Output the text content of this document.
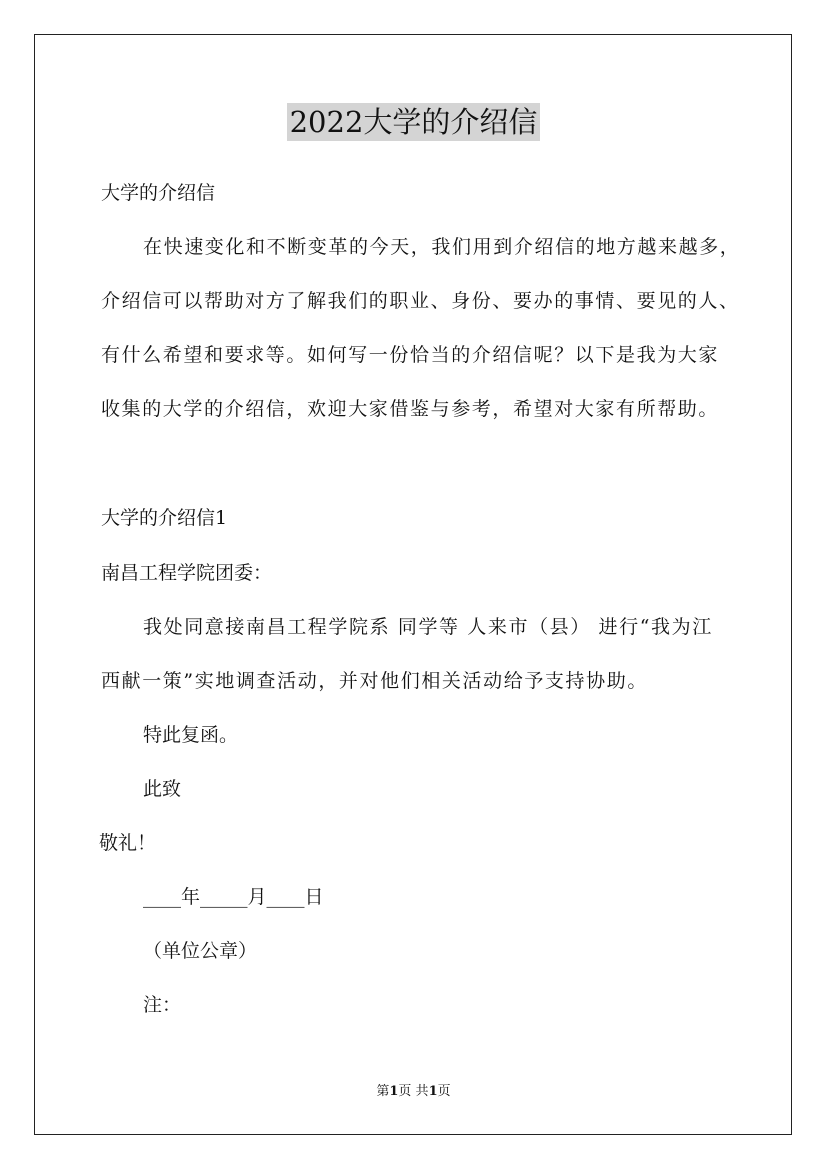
2022大学的介绍信
大学的介绍信
在快速变化和不断变革的今天，我们用到介绍信的地方越来越多，
介绍信可以帮助对方了解我们的职业、身份、要办的事情、要见的人、
有什么希望和要求等。如何写一份恰当的介绍信呢？以下是我为大家
收集的大学的介绍信，欢迎大家借鉴与参考，希望对大家有所帮助。
大学的介绍信1
南昌工程学院团委：
我处同意接南昌工程学院系 同学等 人来市（县） 进行“我为江
西献一策”实地调查活动，并对他们相关活动给予支持协助。
特此复函。
此致
敬礼！
____年_____月____日
（单位公章）
注：
第1页 共1页
